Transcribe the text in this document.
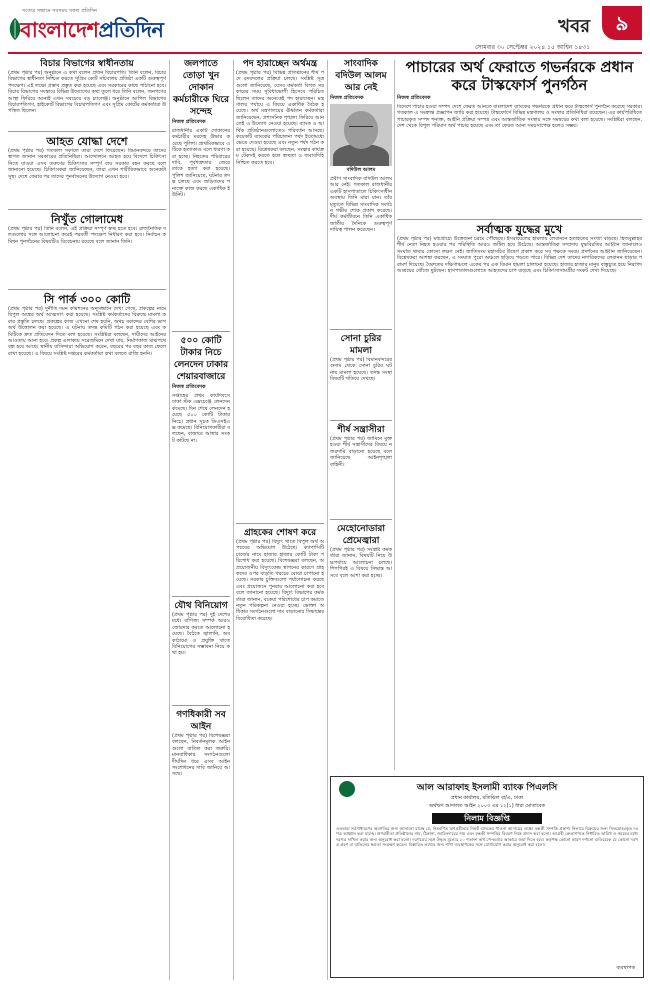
সত্যের সন্ধানে সবসময় সকল প্রতিদিন
বাংলাদেশপ্রতিদিন	খবর	৯
সোমবার ৩০ সেপ্টেম্বর ২০২৪ ১৫ আশ্বিন ১৪৩১
বিচার বিভাগের স্বাধীনতায়
(প্রথম পৃষ্ঠার পর) অনুষ্ঠানে এ কথা বলেন প্রধান বিচারপতি। তিনি বলেন, বিচার বিভাগের স্বাধীনতা নিশ্চিত করতে সুপ্রিম কোর্ট সচিবালয় প্রতিষ্ঠা একটি গুরুত্বপূর্ণ পদক্ষেপ। এই লক্ষ্যে প্রস্তাব প্রস্তুত করা হয়েছে এবং সরকারের কাছে পাঠানো হবে। বিচার বিভাগের সংস্কারে বিভিন্ন উদ্যোগের কথা তুলে ধরে তিনি বলেন, জনগণের আস্থা ফিরিয়ে আনাই এখন সবচেয়ে বড় চ্যালেঞ্জ। অনুষ্ঠানে আপিল বিভাগের বিচারপতিগণ, হাইকোর্ট বিভাগের বিচারপতিগণ এবং সুপ্রিম কোর্টের কর্মকর্তারা উপস্থিত ছিলেন।
আহত যোদ্ধা দেশে
(প্রথম পৃষ্ঠার পর) গতকাল সকালে তারা দেশে ফিরেছেন। বিমানবন্দরে তাদের স্বাগত জানান সরকারের প্রতিনিধিরা। আন্দোলনে আহত হয়ে বিদেশে চিকিৎসা নিতে যাওয়া এসব তরুণের চিকিৎসার সম্পূর্ণ ব্যয় সরকার বহন করছে বলে জানানো হয়েছে। চিকিৎসকরা জানিয়েছেন, তারা এখন শারীরিকভাবে অনেকটা সুস্থ। দেশে ফেরার পর তাদের পুনর্বাসনের উদ্যোগ নেওয়া হবে।
নিখুঁত গোলামেধ
(প্রথম পৃষ্ঠার পর) তিনি বলেন, এই প্রক্রিয়া সম্পূর্ণ স্বচ্ছ হতে হবে। রাজনৈতিক দলগুলোর সঙ্গে আলোচনা করেই পরবর্তী পদক্ষেপ নির্ধারণ করা হবে। নির্বাচন কমিশন পুনর্গঠনের বিষয়টিও বিবেচনায় রয়েছে বলে জানান তিনি।
সি পার্ক ৩০০ কোটি
(প্রথম পৃষ্ঠার পর) দুর্নীতি দমন কমিশনের অনুসন্ধানে দেখা গেছে, প্রকল্পের নামে বিপুল অঙ্কের অর্থ আত্মসাৎ করা হয়েছে। সংশ্লিষ্ট কর্মকর্তাদের বিরুদ্ধে মামলা করার প্রস্তুতি চলছে। প্রকল্পের কাজ এখনো শেষ হয়নি, অথচ বরাদ্দের বেশির ভাগ অর্থ উত্তোলন করা হয়েছে। এ ঘটনায় তদন্ত কমিটি গঠন করা হয়েছে এবং কমিটিকে দ্রুত প্রতিবেদন দিতে বলা হয়েছে। সংশ্লিষ্টরা বলছেন, দায়ীদের আইনের আওতায় আনা হবে। প্রকল্প এলাকায় সরেজমিনে দেখা যায়, নির্মাণকাজ মাঝপথে বন্ধ হয়ে আছে। স্থানীয় বাসিন্দারা অভিযোগ করেন, বছরের পর বছর কাজ ফেলে রাখা হয়েছে। এ বিষয়ে সংশ্লিষ্ট দপ্তরের কর্মকর্তারা কথা বলতে রাজি হননি।
জলপাতে তোড়া খুন দোকান কর্মচারীকে ঘিরে সন্দেহ
নিজস্ব প্রতিবেদক
রাজধানীর একটি দোকানের কর্মচারীর মরদেহ উদ্ধার করেছে পুলিশ। প্রাথমিকভাবে এটিকে হত্যাকাণ্ড বলে ধারণা করা হচ্ছে। নিহতের পরিবারের দাবি, পূর্বশত্রুতার জেরে তাকে হত্যা করা হয়েছে। পুলিশ জানিয়েছে, ঘটনার তদন্ত চলছে এবং জড়িতদের শনাক্তে কাজ করছে একাধিক ইউনিট।
৫০০ কোটি টাকার নিচে লেনদেন ঢাকার শেয়ারবাজারে
নিজস্ব প্রতিবেদক
সপ্তাহের প্রথম কার্যদিবসে ঢাকা স্টক এক্সচেঞ্জে লেনদেন কমেছে। দিন শেষে লেনদেন হয়েছে ৫০০ কোটি টাকার নিচে। প্রধান সূচক ডিএসইএক্স কমেছে। বিনিয়োগকারীরা বলছেন, বাজারে আস্থার সংকট কাটছে না।
যৌথ বিনিয়োগ
(প্রথম পৃষ্ঠার পর) দুই দেশের মধ্যে বাণিজ্য সম্পর্ক আরও জোরদার করতে আলোচনা হয়েছে। বৈঠকে জ্বালানি, অবকাঠামো ও প্রযুক্তি খাতে বিনিয়োগের সম্ভাবনা নিয়ে কথা হয়।
গণধিকারী সব আইন
(প্রথম পৃষ্ঠার পর) বিশেষজ্ঞরা বলছেন, নিবর্তনমূলক আইনগুলো বাতিল করা জরুরি। মানবাধিকার সংগঠনগুলো দীর্ঘদিন ধরে এসব আইন সংশোধনের দাবি জানিয়ে আসছে।
পদ হারাচ্ছেন অর্থমন্ত্র
(প্রথম পৃষ্ঠার পর) বিভিন্ন প্রতিষ্ঠানের শীর্ষ পদে রদবদলের প্রক্রিয়া চলছে। সংশ্লিষ্ট সূত্রগুলো জানিয়েছে, যেসব কর্মকর্তা বিগত সরকারের সময় সুবিধাভোগী হিসেবে পরিচিত ছিলেন তাদের অনেকেই পদ হারাচ্ছেন। মন্ত্রণালয় পর্যায়ে এ বিষয়ে একাধিক বৈঠক হয়েছে। অর্থ মন্ত্রণালয়ের ঊর্ধ্বতন কর্মকর্তারা জানিয়েছেন, প্রশাসনিক শৃঙ্খলা ফিরিয়ে আনতেই এ উদ্যোগ নেওয়া হয়েছে। ব্যাংক ও আর্থিক প্রতিষ্ঠানগুলোতেও পরিবর্তন আসছে। কয়েকটি ব্যাংকের পরিচালনা পর্ষদ ইতোমধ্যে ভেঙে দেওয়া হয়েছে এবং নতুন পর্ষদ গঠন করা হয়েছে। বিশ্লেষকরা বলছেন, সংস্কার কার্যক্রম টেকসই করতে হলে স্বচ্ছতা ও জবাবদিহি নিশ্চিত করতে হবে।
গ্রাহকের শোষণ করে
(প্রথম পৃষ্ঠার পর) বিদ্যুৎ খাতে বিপুল অর্থ অপচয়ের অভিযোগ উঠেছে। ক্যাপাসিটি চার্জের নামে হাজার হাজার কোটি টাকা পরিশোধ করা হয়েছে। বিশেষজ্ঞরা বলছেন, অপ্রয়োজনীয় বিদ্যুৎকেন্দ্র স্থাপনের কারণে গ্রাহকদের ওপর বাড়তি খরচের বোঝা চাপানো হয়েছে। সরকার চুক্তিগুলো পর্যালোচনা করছে এবং প্রয়োজনে পুনরায় আলোচনা করা হবে বলে জানানো হয়েছে। বিদ্যুৎ বিভাগের কর্মকর্তারা জানান, বকেয়া পরিশোধের চাপ কমাতে নতুন পরিকল্পনা নেওয়া হচ্ছে। ভোক্তা অধিকার সংগঠনগুলো দাম বাড়ানোর সিদ্ধান্তের বিরোধিতা করেছে।
সাংবাদিক বদিউল আলম আর নেই
নিজস্ব প্রতিবেদক
বদিউল আলম
প্রবীণ সাংবাদিক বদিউল আলম আর নেই। গতকাল রাজধানীর একটি হাসপাতালে চিকিৎসাধীন অবস্থায় তিনি মারা যান। তাঁর মৃত্যুতে বিভিন্ন সাংবাদিক সংগঠন গভীর শোক প্রকাশ করেছে। দীর্ঘ কর্মজীবনে তিনি একাধিক জাতীয় দৈনিকে গুরুত্বপূর্ণ দায়িত্ব পালন করেছেন।
সোনা চুরির মামলা
(প্রথম পৃষ্ঠার পর) বিমানবন্দরের গুদাম থেকে সোনা চুরির ঘটনায় মামলা হয়েছে। তদন্ত সংস্থা বিষয়টি খতিয়ে দেখছে।
শীর্ষ সন্ত্রাসীরা
(প্রথম পৃষ্ঠার পর) জামিনে মুক্ত হওয়া শীর্ষ সন্ত্রাসীদের বিষয়ে নজরদারি বাড়ানো হয়েছে বলে জানিয়েছে আইনশৃঙ্খলা বাহিনী।
মেহোনোডারা প্রেমেজ্বারা
(প্রথম পৃষ্ঠার পর) সংশ্লিষ্ট কর্মকর্তারা জানান, বিষয়টি নিয়ে উচ্চপর্যায়ে আলোচনা চলছে। শিগগিরই এ বিষয়ে সিদ্ধান্ত আসবে বলে আশা করা হচ্ছে।
পাচারের অর্থ ফেরাতে গভর্নরকে প্রধান করে টাস্কফোর্স পুনর্গঠন
নিজস্ব প্রতিবেদক
বিদেশে পাচার হওয়া সম্পদ দেশে ফেরত আনতে বাংলাদেশ ব্যাংকের গভর্নরকে প্রধান করে টাস্কফোর্স পুনর্গঠন করেছে সরকার। গতকাল এ সংক্রান্ত প্রজ্ঞাপন জারি করা হয়েছে। টাস্কফোর্সে বিভিন্ন মন্ত্রণালয় ও সংস্থার প্রতিনিধিরা রয়েছেন। এর কার্যপরিধিতে পাচারকৃত সম্পদ শনাক্ত, আইনি প্রক্রিয়া সম্পন্ন এবং আন্তর্জাতিক সংস্থার সঙ্গে সমন্বয়ের কথা বলা হয়েছে। সংশ্লিষ্টরা বলছেন, দেশ থেকে বিপুল পরিমাণ অর্থ পাচার হয়েছে এবং তা ফেরত আনা সময়সাপেক্ষ হলেও সম্ভব।
সর্বাত্মক যুদ্ধের মুখে
(প্রথম পৃষ্ঠার পর) মধ্যপ্রাচ্যে উত্তেজনা চরমে পৌঁছেছে। ইসরায়েলের হামলায় লেবাননে হতাহতের সংখ্যা বাড়ছে। হিজবুল্লাহর শীর্ষ নেতা নিহত হওয়ার পর পরিস্থিতি আরও জটিল হয়ে উঠেছে। আন্তর্জাতিক সম্প্রদায় যুদ্ধবিরতির আহ্বান জানালেও সংঘাত থামার কোনো লক্ষণ নেই। জাতিসংঘ মহাসচিব উদ্বেগ প্রকাশ করে সব পক্ষকে সংযম প্রদর্শনের আহ্বান জানিয়েছেন। বিশ্লেষকরা আশঙ্কা করছেন, এ সংঘাত পুরো অঞ্চলে ছড়িয়ে পড়তে পারে। বিভিন্ন দেশ তাদের নাগরিকদের লেবানন ছাড়ার পরামর্শ দিয়েছে। বৈরুতের দক্ষিণাঞ্চলে একের পর এক বিমান হামলা চালানো হয়েছে। হাজার হাজার মানুষ বাস্তুচ্যুত হয়ে নিরাপদ আশ্রয়ের খোঁজে ছুটছেন। হাসপাতালগুলোতে আহতদের চাপ বাড়ছে এবং চিকিৎসাসামগ্রীর সংকট দেখা দিয়েছে।
আল আরাফাহ ইসলামী ব্যাংক পিএলসি
প্রধান কার্যালয়, মতিঝিল বা/এ, ঢাকা
অর্থঋণ আদালত আইন ২০০৩ এর ১২(১) ধারা মোতাবেক
নিলাম বিজ্ঞপ্তি
এতদ্বারা সর্বসাধারণের অবগতির জন্য জানানো যাচ্ছে যে, নিম্নবর্ণিত ঋণগ্রহীতার নিকট ব্যাংকের পাওনা আদায়ের লক্ষ্যে বন্ধকী সম্পত্তি প্রকাশ্য নিলামে বিক্রয়ের জন্য সিলমোহরকৃত দরপত্র আহ্বান করা যাচ্ছে। ঋণগ্রহীতা প্রতিষ্ঠানের নাম, ঠিকানা, জামিনদারের নাম এবং বন্ধকী সম্পত্তির বিবরণ নিম্নে প্রদান করা হলো। আগ্রহী ক্রেতাগণকে নির্ধারিত তারিখ ও সময়ের মধ্যে দরপত্র দাখিল করার জন্য অনুরোধ করা হলো। দরপত্রের সঙ্গে উদ্ধৃত মূল্যের ২০ শতাংশ অর্থ পে-অর্ডার আকারে জমা দিতে হবে। কর্তৃপক্ষ কোনো কারণ দর্শানো ব্যতিরেকে যে কোনো দরপত্র গ্রহণ বা বাতিলের ক্ষমতা সংরক্ষণ করেন। বিস্তারিত তথ্যের জন্য শাখা ব্যবস্থাপকের সঙ্গে যোগাযোগ করার অনুরোধ করা হলো।
ব্যবস্থাপক
